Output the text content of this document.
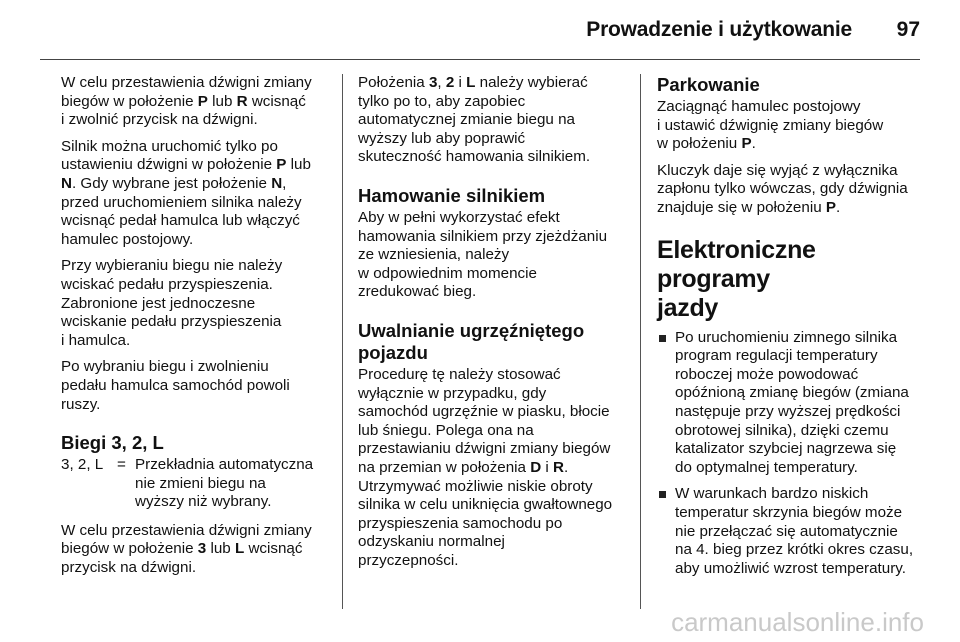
Prowadzenie i użytkowanie 97

W celu przestawienia dźwigni zmiany
biegów w położenie P lub R wcisnąć
i zwolnić przycisk na dźwigni.

Silnik można uruchomić tylko po
ustawieniu dźwigni w położenie P lub
N. Gdy wybrane jest położenie N,
przed uruchomieniem silnika należy
wcisnąć pedał hamulca lub włączyć
hamulec postojowy.

Przy wybieraniu biegu nie należy
wciskać pedału przyspieszenia.
Zabronione jest jednoczesne
wciskanie pedału przyspieszenia
i hamulca.

Po wybraniu biegu i zwolnieniu
pedału hamulca samochód powoli
ruszy.

Biegi 3, 2, L
3, 2, L = Przekładnia automatyczna
nie zmieni biegu na
wyższy niż wybrany.

W celu przestawienia dźwigni zmiany
biegów w położenie 3 lub L wcisnąć
przycisk na dźwigni.

Położenia 3, 2 i L należy wybierać
tylko po to, aby zapobiec
automatycznej zmianie biegu na
wyższy lub aby poprawić
skuteczność hamowania silnikiem.

Hamowanie silnikiem

Aby w pełni wykorzystać efekt
hamowania silnikiem przy zjeżdżaniu
ze wzniesienia, należy
w odpowiednim momencie
zredukować bieg.

Uwalnianie ugrzęźniętego
pojazdu

Procedurę tę należy stosować
wyłącznie w przypadku, gdy
samochód ugrzęźnie w piasku, błocie
lub śniegu. Polega ona na
przestawianiu dźwigni zmiany biegów
na przemian w położenia D i R.
Utrzymywać możliwie niskie obroty
silnika w celu uniknięcia gwałtownego
przyspieszenia samochodu po
odzyskaniu normalnej
przyczepności.

Parkowanie

Zaciągnąć hamulec postojowy
i ustawić dźwignię zmiany biegów
w położeniu P.

Kluczyk daje się wyjąć z wyłącznika
zapłonu tylko wówczas, gdy dźwignia
znajduje się w położeniu P.

Elektroniczne programy
jazdy
Po uruchomieniu zimnego silnika
program regulacji temperatury
roboczej może powodować
opóźnioną zmianę biegów (zmiana
następuje przy wyższej prędkości
obrotowej silnika), dzięki czemu
katalizator szybciej nagrzewa się
do optymalnej temperatury.
W warunkach bardzo niskich
temperatur skrzynia biegów może
nie przełączać się automatycznie
na 4. bieg przez krótki okres czasu,
aby umożliwić wzrost temperatury.
carmanualsonline.info
